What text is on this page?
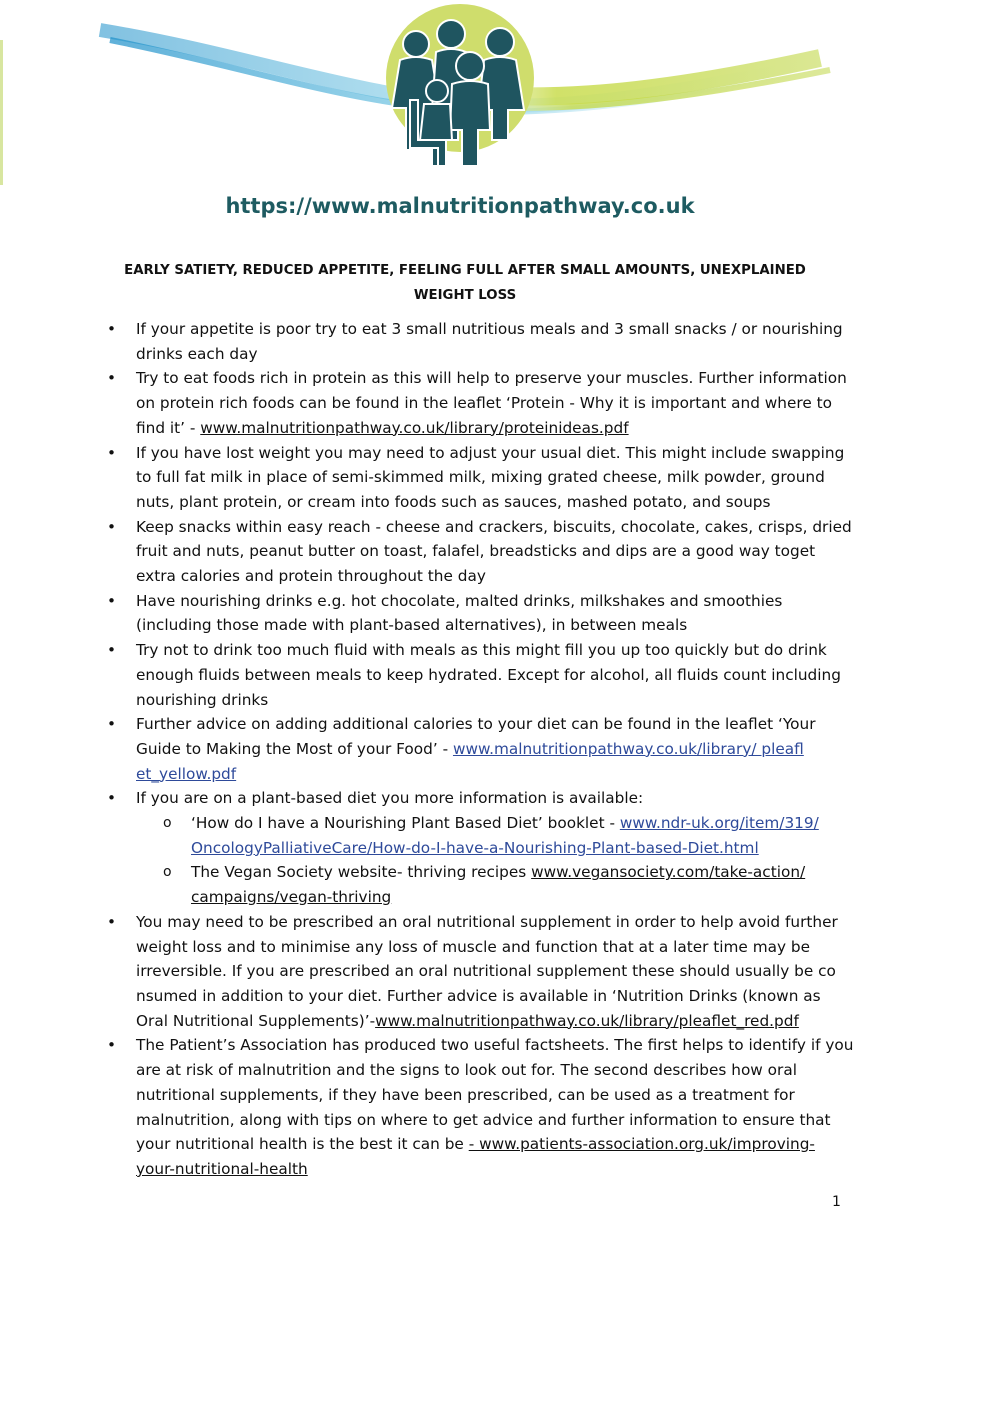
https://www.malnutritionpathway.co.uk
EARLY SATIETY, REDUCED APPETITE, FEELING FULL AFTER SMALL AMOUNTS, UNEXPLAINED
WEIGHT LOSS
• If your appetite is poor try to eat 3 small nutritious meals and 3 small snacks / or nourishing drinks each day
• Try to eat foods rich in protein as this will help to preserve your muscles. Further information on protein rich foods can be found in the leaflet ‘Protein - Why it is important and where to find it’ - www.malnutritionpathway.co.uk/library/proteinideas.pdf
• If you have lost weight you may need to adjust your usual diet. This might include swapping to full fat milk in place of semi-skimmed milk, mixing grated cheese, milk powder, ground nuts, plant protein, or cream into foods such as sauces, mashed potato, and soups
• Keep snacks within easy reach - cheese and crackers, biscuits, chocolate, cakes, crisps, dried fruit and nuts, peanut butter on toast, falafel, breadsticks and dips are a good way toget extra calories and protein throughout the day
• Have nourishing drinks e.g. hot chocolate, malted drinks, milkshakes and smoothies (including those made with plant-based alternatives), in between meals
• Try not to drink too much fluid with meals as this might fill you up too quickly but do drink enough fluids between meals to keep hydrated. Except for alcohol, all fluids count including nourishing drinks
• Further advice on adding additional calories to your diet can be found in the leaflet ‘Your Guide to Making the Most of your Food’ - www.malnutritionpathway.co.uk/library/ pleafl et_yellow.pdf
• If you are on a plant-based diet you more information is available:
o ‘How do I have a Nourishing Plant Based Diet’ booklet - www.ndr-uk.org/item/319/ OncologyPalliativeCare/How-do-I-have-a-Nourishing-Plant-based-Diet.html
o The Vegan Society website- thriving recipes www.vegansociety.com/take-action/ campaigns/vegan-thriving
• You may need to be prescribed an oral nutritional supplement in order to help avoid further weight loss and to minimise any loss of muscle and function that at a later time may be irreversible. If you are prescribed an oral nutritional supplement these should usually be co nsumed in addition to your diet. Further advice is available in ‘Nutrition Drinks (known as Oral Nutritional Supplements)’-www.malnutritionpathway.co.uk/library/pleaflet_red.pdf
• The Patient’s Association has produced two useful factsheets. The first helps to identify if you are at risk of malnutrition and the signs to look out for. The second describes how oral nutritional supplements, if they have been prescribed, can be used as a treatment for malnutrition, along with tips on where to get advice and further information to ensure that your nutritional health is the best it can be - www.patients-association.org.uk/improving- your-nutritional-health
1
